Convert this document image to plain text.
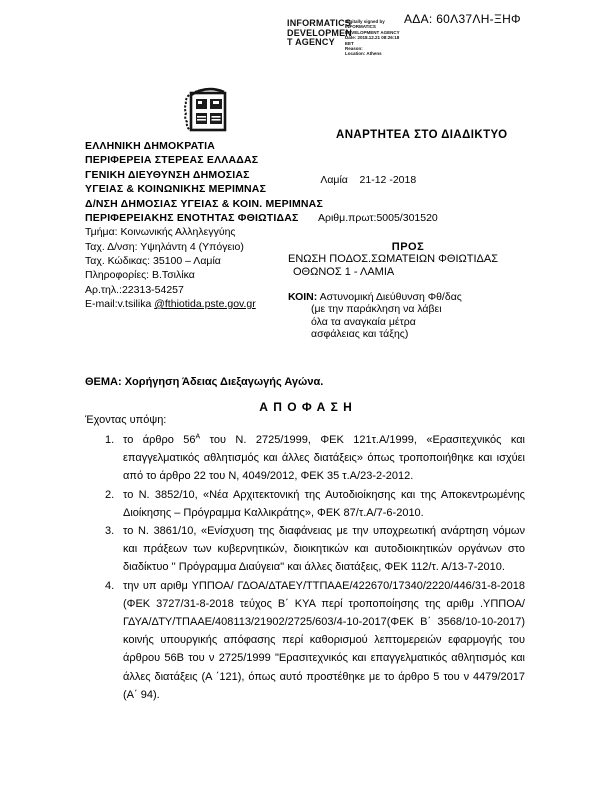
ΑΔΑ: 60Λ37ΛΗ-ΞΗΦ
INFORMATICS
DEVELOPMEN
T AGENCY
Digitally signed by
INFORMATICS
DEVELOPMENT AGENCY
Date: 2018.12.21 08:26:18
EET
Reason:
Location: Athens
ΑΝΑΡΤΗΤΕΑ ΣΤΟ ΔΙΑΔΙΚΤΥΟ
ΕΛΛΗΝΙΚΗ ΔΗΜΟΚΡΑΤΙΑ
ΠΕΡΙΦΕΡΕΙΑ ΣΤΕΡΕΑΣ ΕΛΛΑΔΑΣ
ΓΕΝΙΚΗ ΔΙΕΥΘΥΝΣΗ ΔΗΜΟΣΙΑΣ
ΥΓΕΙΑΣ & ΚΟΙΝΩΝΙΚΗΣ ΜΕΡΙΜΝΑΣ
Δ/ΝΣΗ ΔΗΜΟΣΙΑΣ ΥΓΕΙΑΣ & ΚΟΙΝ. ΜΕΡΙΜΝΑΣ
ΠΕΡΙΦΕΡΕΙΑΚΗΣ ΕΝΟΤΗΤΑΣ ΦΘΙΩΤΙΔΑΣ
Τμήμα: Κοινωνικής Αλληλεγγύης

Λαμία    21-12 -2018

Αριθμ.πρωτ:5005/301520

Ταχ. Δ/νση: Υψηλάντη 4 (Υπόγειο)
Ταχ. Κώδικας: 35100 – Λαμία
Πληροφορίες: Β.Τσιλίκα
Αρ.τηλ.:22313-54257
E-mail:v.tsilika @fthiotida.pste.gov.gr
ΠΡΟΣ
ΕΝΩΣΗ ΠΟΔΟΣ.ΣΩΜΑΤΕΙΩΝ ΦΘΙΩΤΙΔΑΣ
ΟΘΩΝΟΣ 1 - ΛΑΜΙΑ
ΚΟΙΝ: Αστυνομική Διεύθυνση Φθ/δας
(με την παράκληση να λάβει
όλα τα αναγκαία μέτρα
ασφάλειας και τάξης)
ΘΕΜΑ: Χορήγηση Άδειας Διεξαγωγής Αγώνα.
Α Π Ο Φ Α Σ Η
Έχοντας υπόψη:
1. το άρθρο $56^A$ του Ν. 2725/1999, ΦΕΚ 121τ.Α/1999, «Ερασιτεχνικός και επαγγελματικός αθλητισμός και άλλες διατάξεις» όπως τροποποιήθηκε και ισχύει από το άρθρο 22 του Ν, 4049/2012, ΦΕΚ 35 τ.Α/23-2-2012.
2. το Ν. 3852/10, «Νέα Αρχιτεκτονική της Αυτοδιοίκησης και της Αποκεντρωμένης Διοίκησης – Πρόγραμμα Καλλικράτης», ΦΕΚ 87/τ.Α/7-6-2010.
3. το Ν. 3861/10, «Ενίσχυση της διαφάνειας με την υποχρεωτική ανάρτηση νόμων και πράξεων των κυβερνητικών, διοικητικών και αυτοδιοικητικών οργάνων στο διαδίκτυο '' Πρόγραμμα Διαύγεια'' και άλλες διατάξεις, ΦΕΚ 112/τ. Α/13-7-2010.
4. την υπ αριθμ ΥΠΠΟΑ/ ΓΔΟΑ/ΔΤΑΕΥ/ΤΤΠΑΑΕ/422670/17340/2220/446/31-8-2018 (ΦΕΚ 3727/31-8-2018 τεύχος Β΄ ΚΥΑ περί τροποποίησης της αριθμ .ΥΠΠΟΑ/ΓΔΥΑ/ΔΤΥ/ΤΠΑΑΕ/408113/21902/2725/603/4-10-2017(ΦΕΚ Β΄ 3568/10-10-2017) κοινής υπουργικής απόφασης περί καθορισμού λεπτομερειών εφαρμογής του άρθρου 56Β του ν 2725/1999 "Ερασιτεχνικός και επαγγελματικός αθλητισμός και άλλες διατάξεις (Α ΄121), όπως αυτό προστέθηκε με το άρθρο 5 του ν 4479/2017 (Α΄ 94).
